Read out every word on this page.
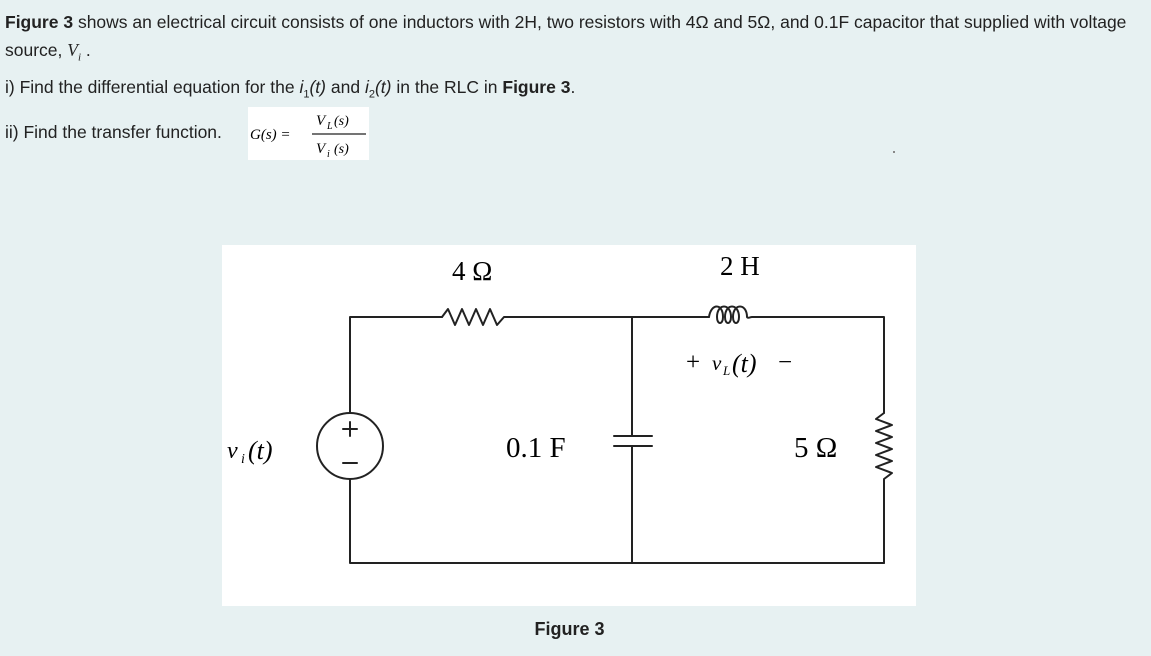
Figure 3 shows an electrical circuit consists of one inductors with 2H, two resistors with 4Ω and 5Ω, and 0.1F capacitor that supplied with voltage source, $V_i$ .
i) Find the differential equation for the $i_1(t)$ and $i_2(t)$ in the RLC in Figure 3.
ii) Find the transfer function. G(s) =
V L (s)
V i (s)
4 Ω	2 H
+ v L (t) −
v i (t)	0.1 F	5 Ω
Figure 3
